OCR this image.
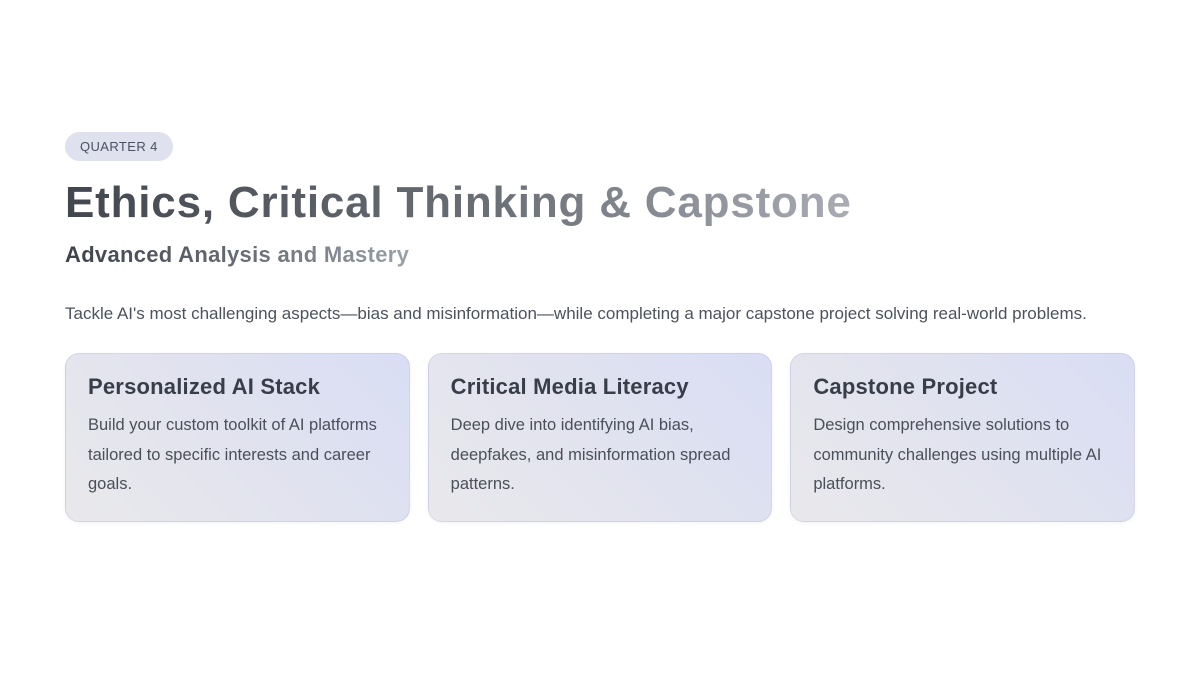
QUARTER 4
Ethics, Critical Thinking & Capstone
Advanced Analysis and Mastery

Tackle AI's most challenging aspects—bias and misinformation—while completing a major capstone project solving real-world problems.

Personalized AI Stack
Build your custom toolkit of AI platforms tailored to specific interests and career goals.
Critical Media Literacy
Deep dive into identifying AI bias, deepfakes, and misinformation spread patterns.
Capstone Project
Design comprehensive solutions to community challenges using multiple AI platforms.
